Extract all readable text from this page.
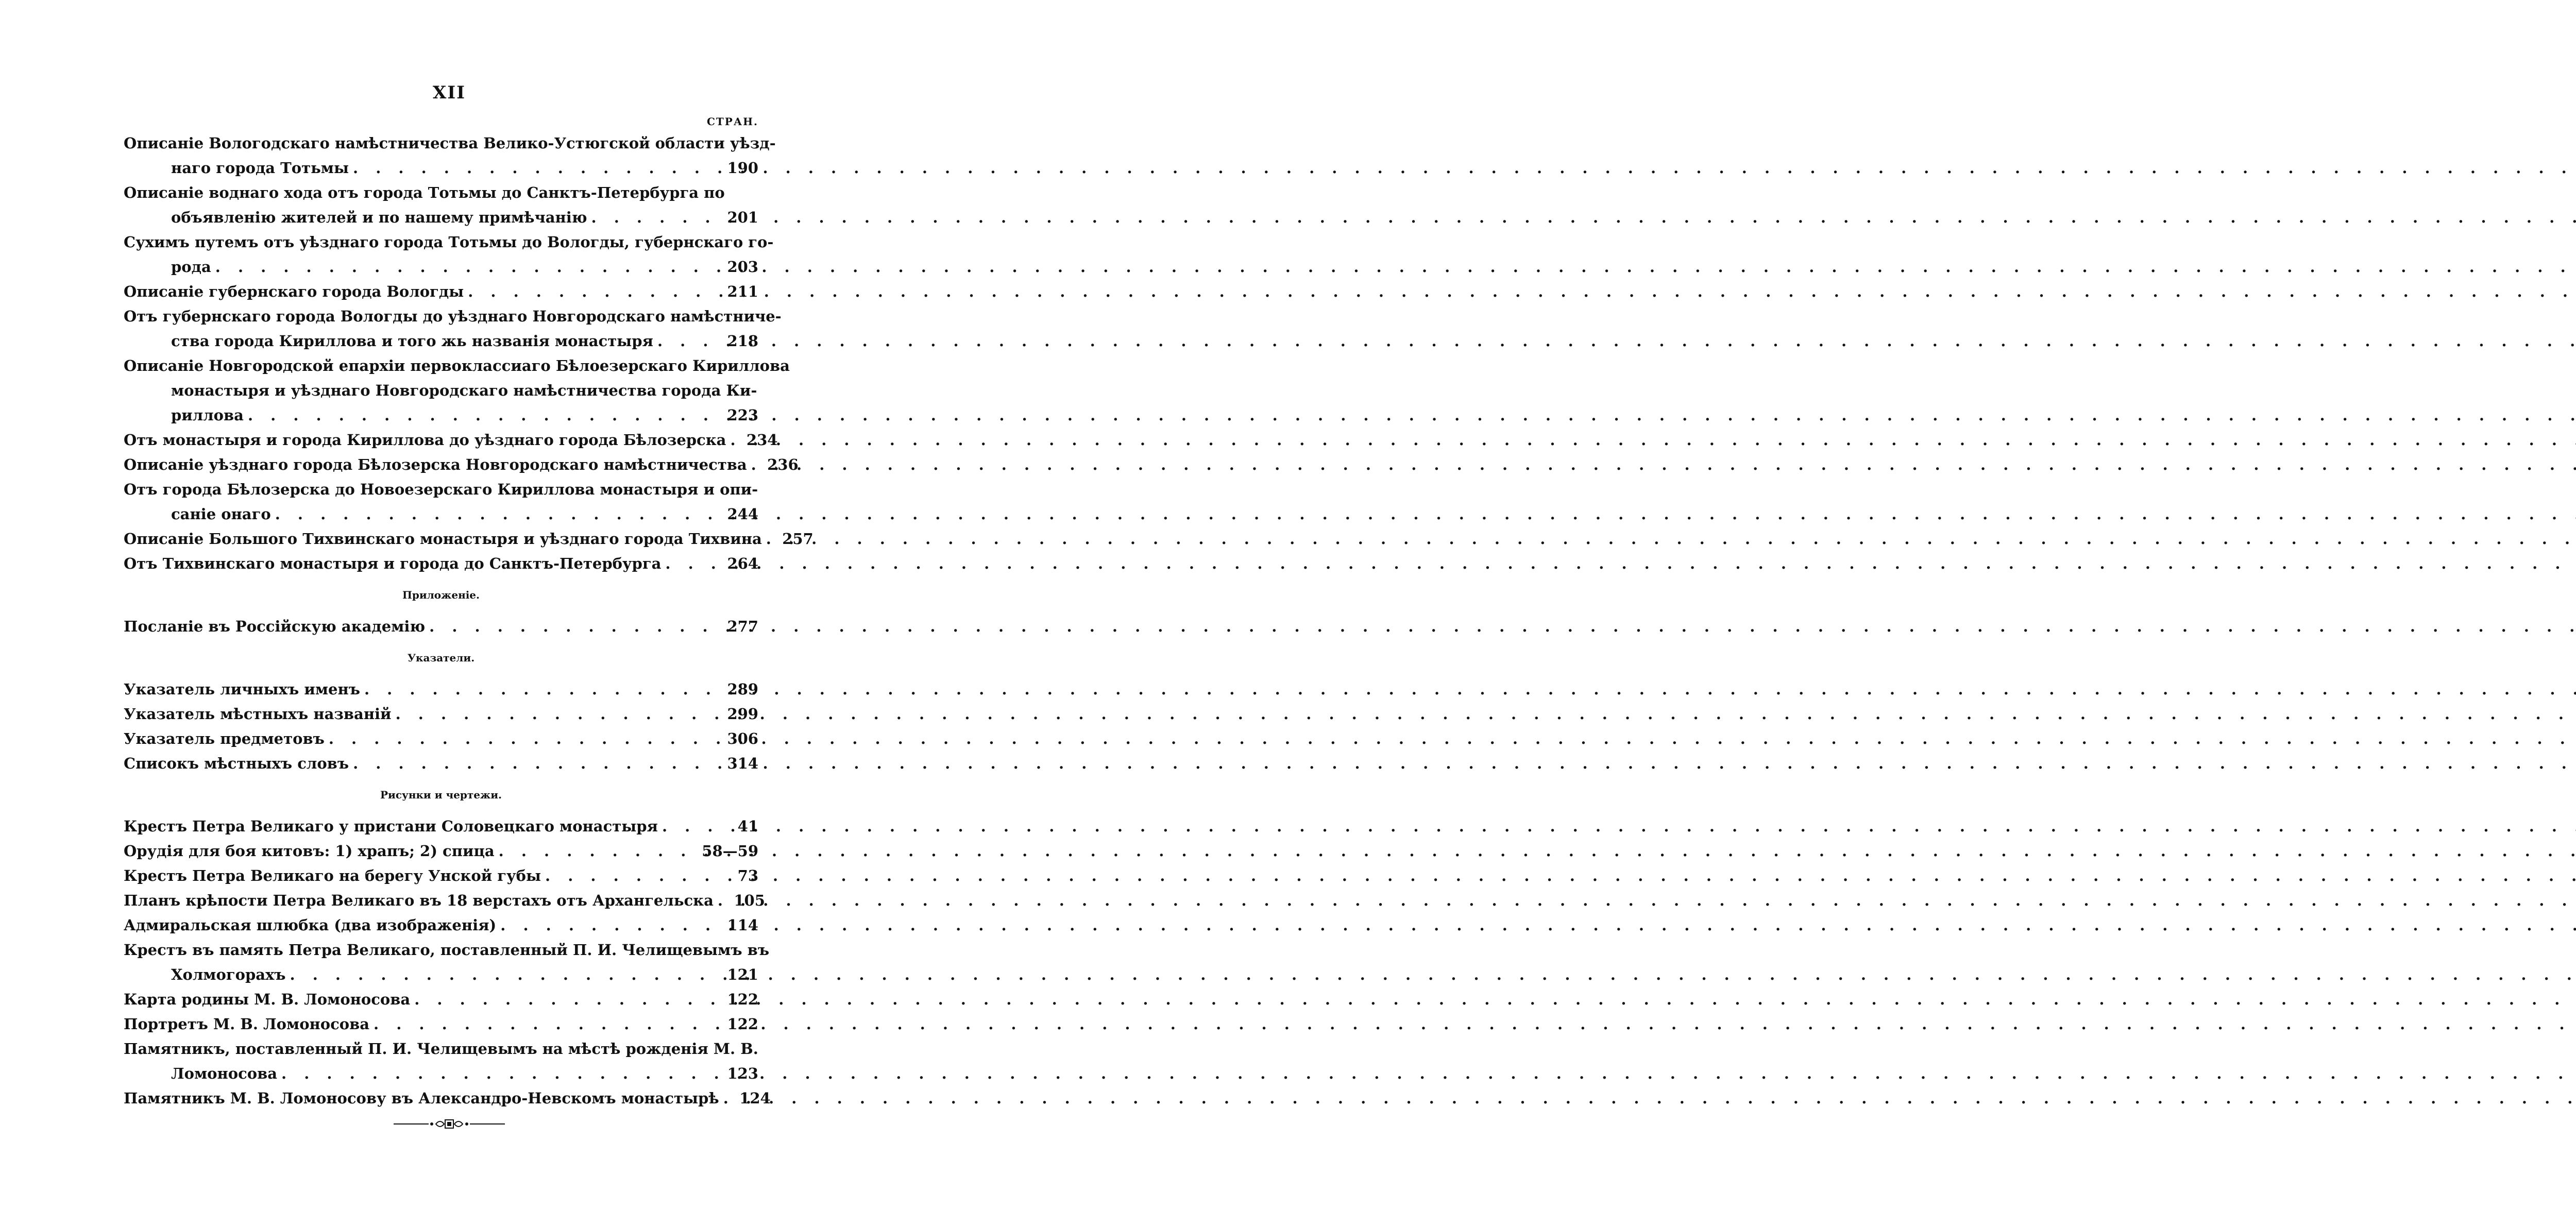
XII
СТРАН.
Описаніе Вологодскаго намѣстничества Велико-Устюгской области уѣзд-
наго города Тотьмы . . .	190
Описаніе воднаго хода отъ города Тотьмы до Санктъ-Петербурга по
объявленію жителей и по нашему примѣчанію . . .	201
Сухимъ путемъ отъ уѣзднаго города Тотьмы до Вологды, губернскаго го-
рода . . .	203
Описаніе губернскаго города Вологды . . .	211
Отъ губернскаго города Вологды до уѣзднаго Новгородскаго намѣстниче-
ства города Кириллова и того жь названія монастыря . . .	218
Описаніе Новгородской епархіи первоклассиаго Бѣлоезерскаго Кириллова
монастыря и уѣзднаго Новгородскаго намѣстничества города Ки-
риллова . . .	223
Отъ монастыря и города Кириллова до уѣзднаго города Бѣлозерска . . . 234
Описаніе уѣзднаго города Бѣлозерска Новгородскаго намѣстничества . . . 236
Отъ города Бѣлозерска до Новоезерскаго Кириллова монастыря и опи-
саніе онаго . . .	244
Описаніе Большого Тихвинскаго монастыря и уѣзднаго города Тихвина . . . 257
Отъ Тихвинскаго монастыря и города до Санктъ-Петербурга . . .	264
Приложеніе.
Посланіе въ Россійскую академію . . .	277
Указатели.
Указатель личныхъ именъ . . .	289
Указатель мѣстныхъ названій . . .	299
Указатель предметовъ . . .	306
Списокъ мѣстныхъ словъ . . .	314
Рисунки и чертежи.
Крестъ Петра Великаго у пристани Соловецкаго монастыря . . .	41
Орудія для боя китовъ: 1) храпъ; 2) спица . . .	58—59
Крестъ Петра Великаго на берегу Унской губы . . .	73
Планъ крѣпости Петра Великаго въ 18 верстахъ отъ Архангельска . . . 105
Адмиральская шлюбка (два изображенія) . . .	114
Крестъ въ память Петра Великаго, поставленный П. И. Челищевымъ въ
Холмогорахъ . . .	121
Карта родины М. В. Ломоносова . . .	122
Портретъ М. В. Ломоносова . . .	122
Памятникъ, поставленный П. И. Челищевымъ на мѣстѣ рожденія М. В.
Ломоносова . . .	123
Памятникъ М. В. Ломоносову въ Александро-Невскомъ монастырѣ . . . 124
